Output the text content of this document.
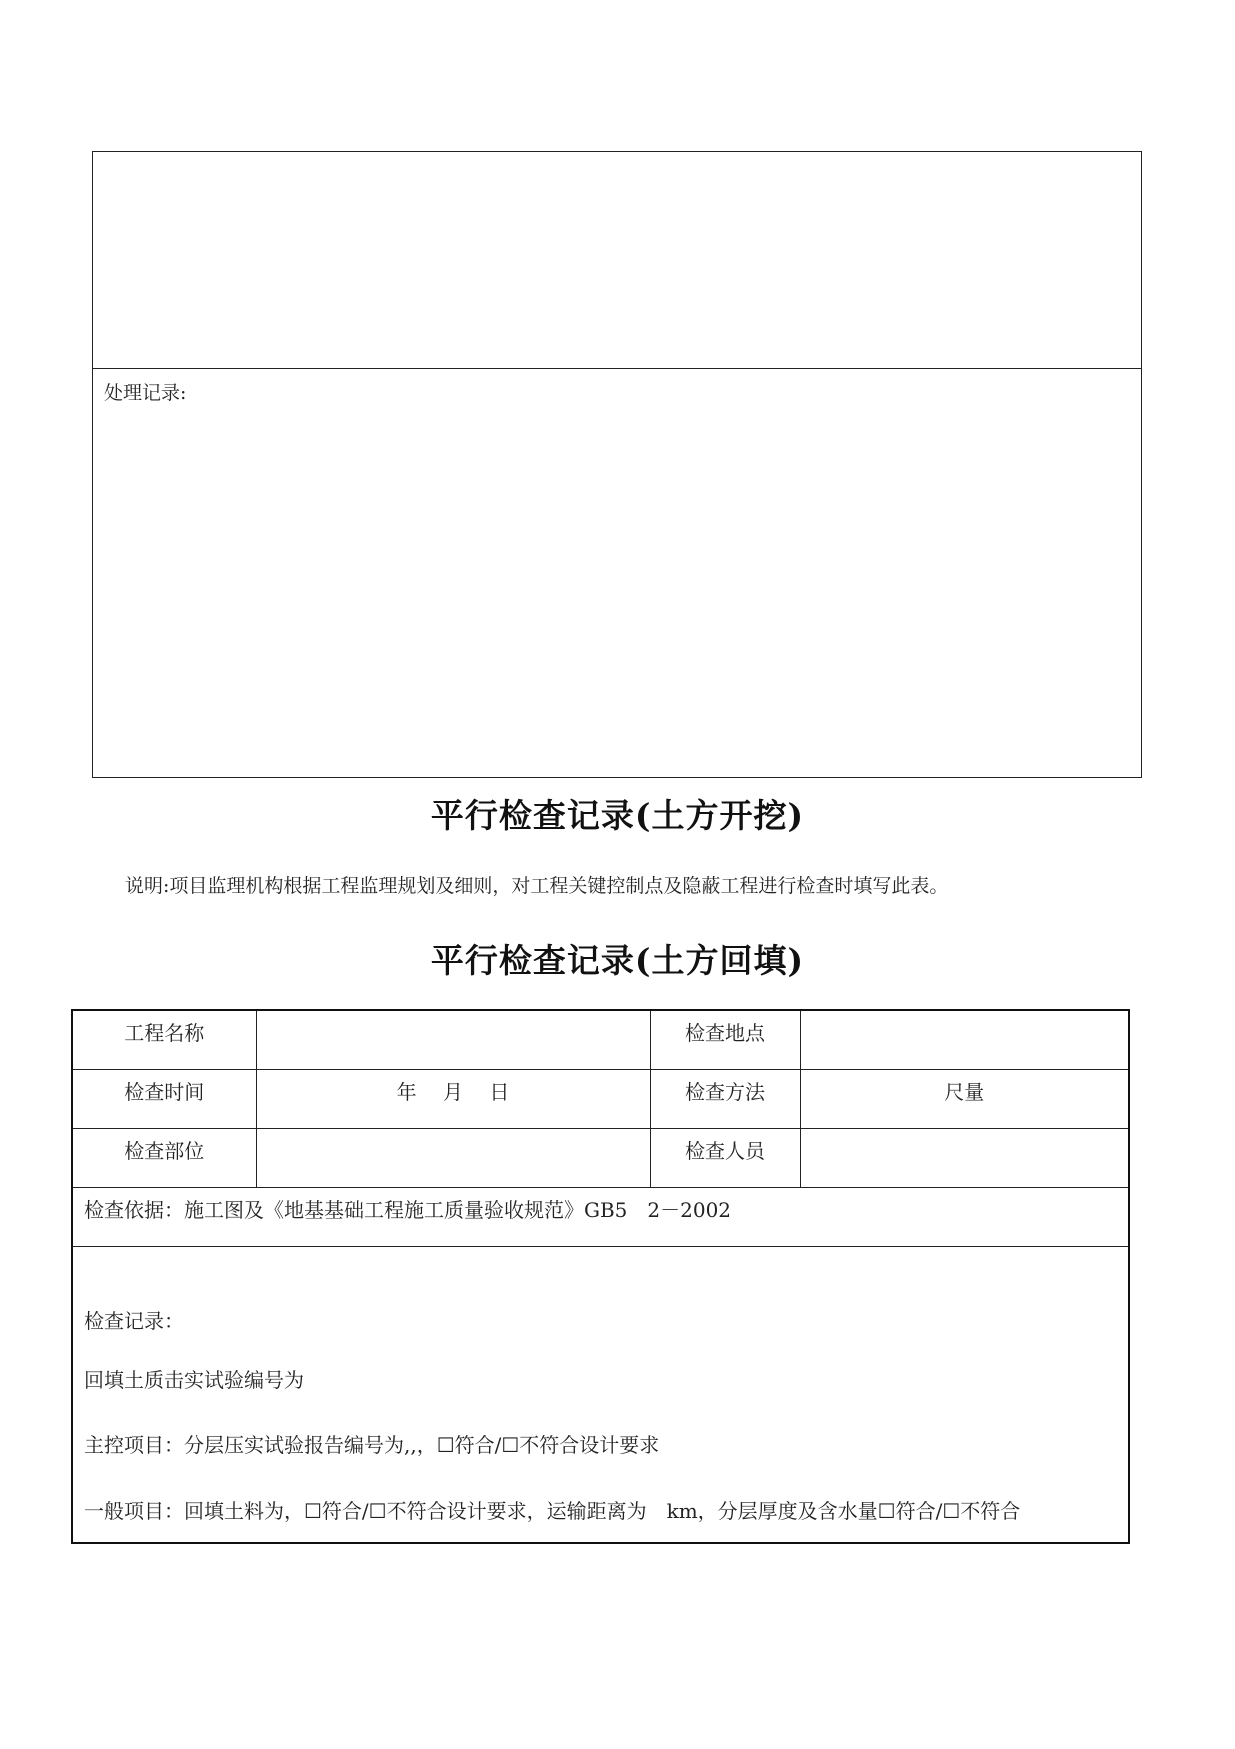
处理记录:
平行检查记录(土方开挖)
说明:项目监理机构根据工程监理规划及细则，对工程关键控制点及隐蔽工程进行检查时填写此表。
平行检查记录(土方回填)
工程名称		检查地点	
检查时间	年 月 日	检查方法	尺量
检查部位		检查人员	
检查依据：施工图及《地基基础工程施工质量验收规范》GB5　2－2002			

检查记录：
回填土质击实试验编号为
主控项目：分层压实试验报告编号为,,，☐符合/☐不符合设计要求
一般项目：回填土料为，☐符合/☐不符合设计要求，运输距离为　km，分层厚度及含水量☐符合/☐不符合			
